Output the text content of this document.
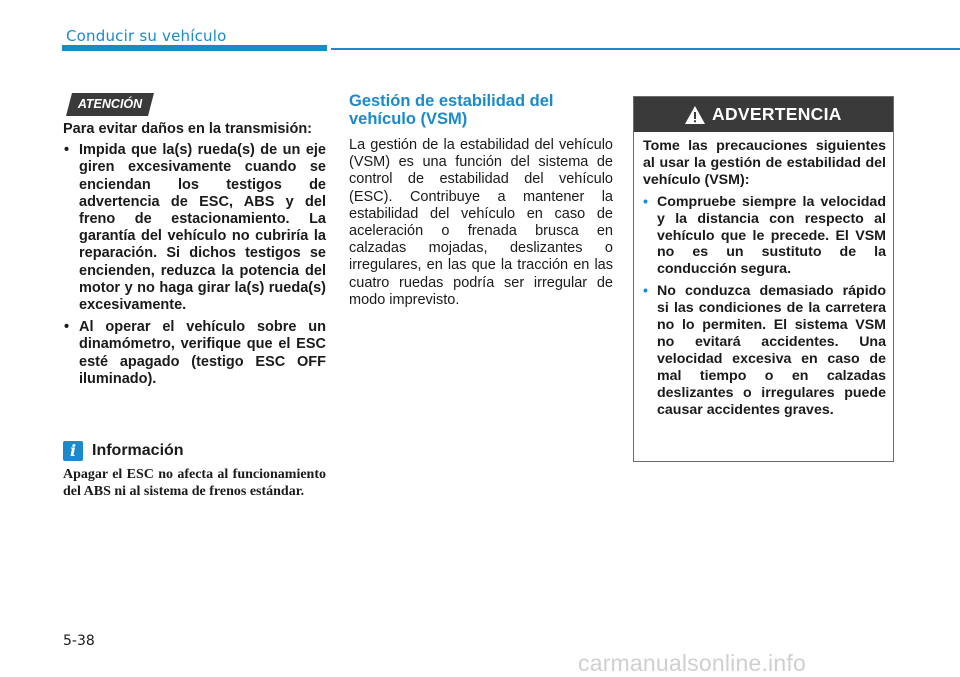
Conducir su vehículo
ATENCIÓN

Para evitar daños en la transmisión:

• Impida que la(s) rueda(s) de un eje giren excesivamente cuando se enciendan los testigos de advertencia de ESC, ABS y del freno de estacionamiento. La garantía del vehículo no cubriría la reparación. Si dichos testigos se encienden, reduzca la potencia del motor y no haga girar la(s) rueda(s) excesivamente.
• Al operar el vehículo sobre un dinamómetro, verifique que el ESC esté apagado (testigo ESC OFF iluminado).
i Información

Apagar el ESC no afecta al funcionamiento del ABS ni al sistema de frenos estándar.

Gestión de estabilidad del vehículo (VSM)

La gestión de la estabilidad del vehículo (VSM) es una función del sistema de control de estabilidad del vehículo (ESC). Contribuye a mantener la estabilidad del vehículo en caso de aceleración o frenada brusca en calzadas mojadas, deslizantes o irregulares, en las que la tracción en las cuatro ruedas podría ser irregular de modo imprevisto.

ADVERTENCIA

Tome las precauciones siguientes al usar la gestión de estabilidad del vehículo (VSM):

• Compruebe siempre la velocidad y la distancia con respecto al vehículo que le precede. El VSM no es un sustituto de la conducción segura.
• No conduzca demasiado rápido si las condiciones de la carretera no lo permiten. El sistema VSM no evitará accidentes. Una velocidad excesiva en caso de mal tiempo o en calzadas deslizantes o irregulares puede causar accidentes graves.
5-38
carmanualsonline.info
